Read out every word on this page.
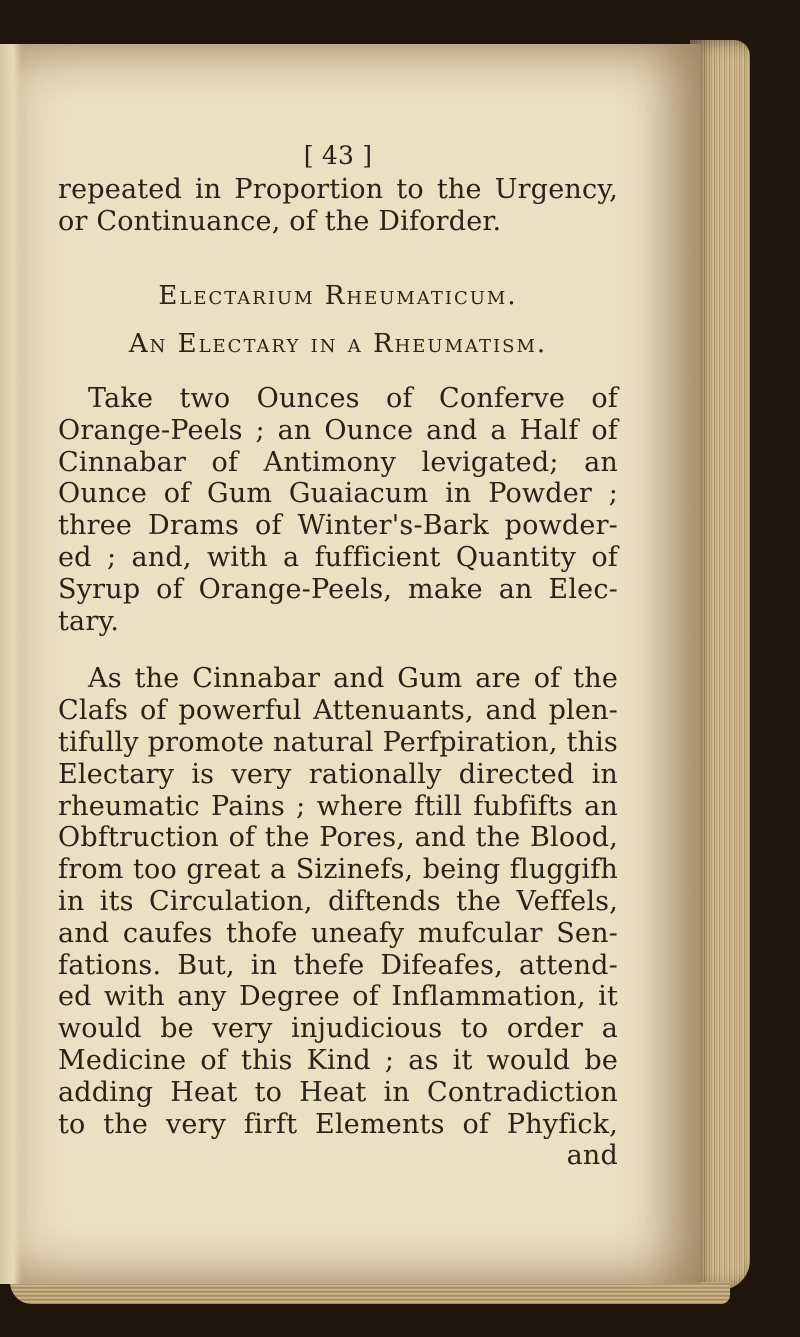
[ 43 ]
repeated in Proportion to the Urgency,
or Continuance, of the Diforder.
Electarium Rheumaticum.
An Electary in a Rheumatism.
Take two Ounces of Conferve of
Orange-Peels ; an Ounce and a Half of
Cinnabar of Antimony levigated; an
Ounce of Gum Guaiacum in Powder ;
three Drams of Winter's-Bark powder-
ed ; and, with a fufficient Quantity of
Syrup of Orange-Peels, make an Elec-
tary.
As the Cinnabar and Gum are of the
Clafs of powerful Attenuants, and plen-
tifully promote natural Perfpiration, this
Electary is very rationally directed in
rheumatic Pains ; where ftill fubfifts an
Obftruction of the Pores, and the Blood,
from too great a Sizinefs, being fluggifh
in its Circulation, diftends the Veffels,
and caufes thofe uneafy mufcular Sen-
fations. But, in thefe Difeafes, attend-
ed with any Degree of Inflammation, it
would be very injudicious to order a
Medicine of this Kind ; as it would be
adding Heat to Heat in Contradiction
to the very firft Elements of Phyfick,
and
